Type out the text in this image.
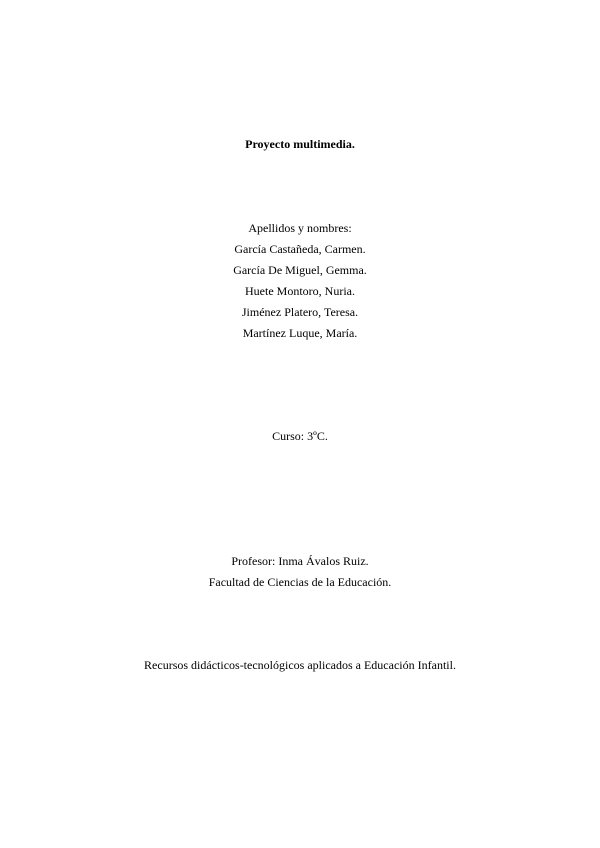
Proyecto multimedia.
Apellidos y nombres:
García Castañeda, Carmen.
García De Miguel, Gemma.
Huete Montoro, Nuria.
Jiménez Platero, Teresa.
Martínez Luque, María.
Curso: 3ºC.
Profesor: Inma Ávalos Ruiz.
Facultad de Ciencias de la Educación.
Recursos didácticos-tecnológicos aplicados a Educación Infantil.
